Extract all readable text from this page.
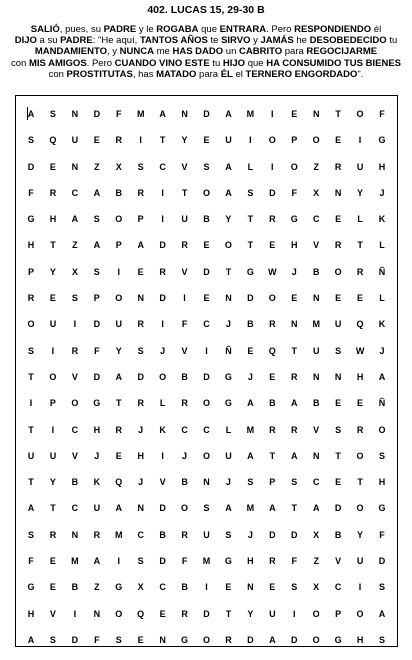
402. LUCAS 15, 29-30 B
SALIÓ, pues, su PADRE y le ROGABA que ENTRARA. Pero RESPONDIENDO él
DIJO a su PADRE: "He aquí, TANTOS AÑOS te SIRVO y JAMÁS he DESOBEDECIDO tu
MANDAMIENTO, y NUNCA me HAS DADO un CABRITO para REGOCIJARME
con MIS AMIGOS. Pero CUANDO VINO ESTE tu HIJO que HA CONSUMIDO TUS BIENES
con PROSTITUTAS, has MATADO para ÉL el TERNERO ENGORDADO".
A	S	N	D	F	M	A	N	D	A	M	I	E	N	T	O	F
S	Q	U	E	R	I	T	Y	E	U	I	O	P	O	E	I	G
D	E	N	Z	X	S	C	V	S	A	L	I	O	Z	R	U	H
F	R	C	A	B	R	I	T	O	A	S	D	F	X	N	Y	J
G	H	A	S	O	P	I	U	B	Y	T	R	G	C	E	L	K
H	T	Z	A	P	A	D	R	E	O	T	E	H	V	R	T	L
P	Y	X	S	I	E	R	V	D	T	G	W	J	B	O	R	Ñ
R	E	S	P	O	N	D	I	E	N	D	O	E	N	E	E	L
O	U	I	D	U	R	I	F	C	J	B	R	N	M	U	Q	K
S	I	R	F	Y	S	J	V	I	Ñ	E	Q	T	U	S	W	J
T	O	V	D	A	D	O	B	D	G	J	E	R	N	N	H	A
I	P	O	G	T	R	L	R	O	G	A	B	A	B	E	E	Ñ
T	I	C	H	R	J	K	C	C	L	M	R	R	V	S	R	O
U	U	V	J	E	H	I	J	O	U	A	T	A	N	T	O	S
T	Y	B	K	Q	J	V	B	N	J	S	P	S	C	E	T	H
A	T	C	U	A	N	D	O	S	A	M	A	T	A	D	O	G
S	R	N	R	M	C	B	R	U	S	J	D	D	X	B	Y	F
F	E	M	A	I	S	D	F	M	G	H	R	F	Z	V	U	D
G	E	B	Z	G	X	C	B	I	E	N	E	S	X	C	I	S
H	V	I	N	O	Q	E	R	D	T	Y	U	I	O	P	O	A
A	S	D	F	S	E	N	G	O	R	D	A	D	O	G	H	S
